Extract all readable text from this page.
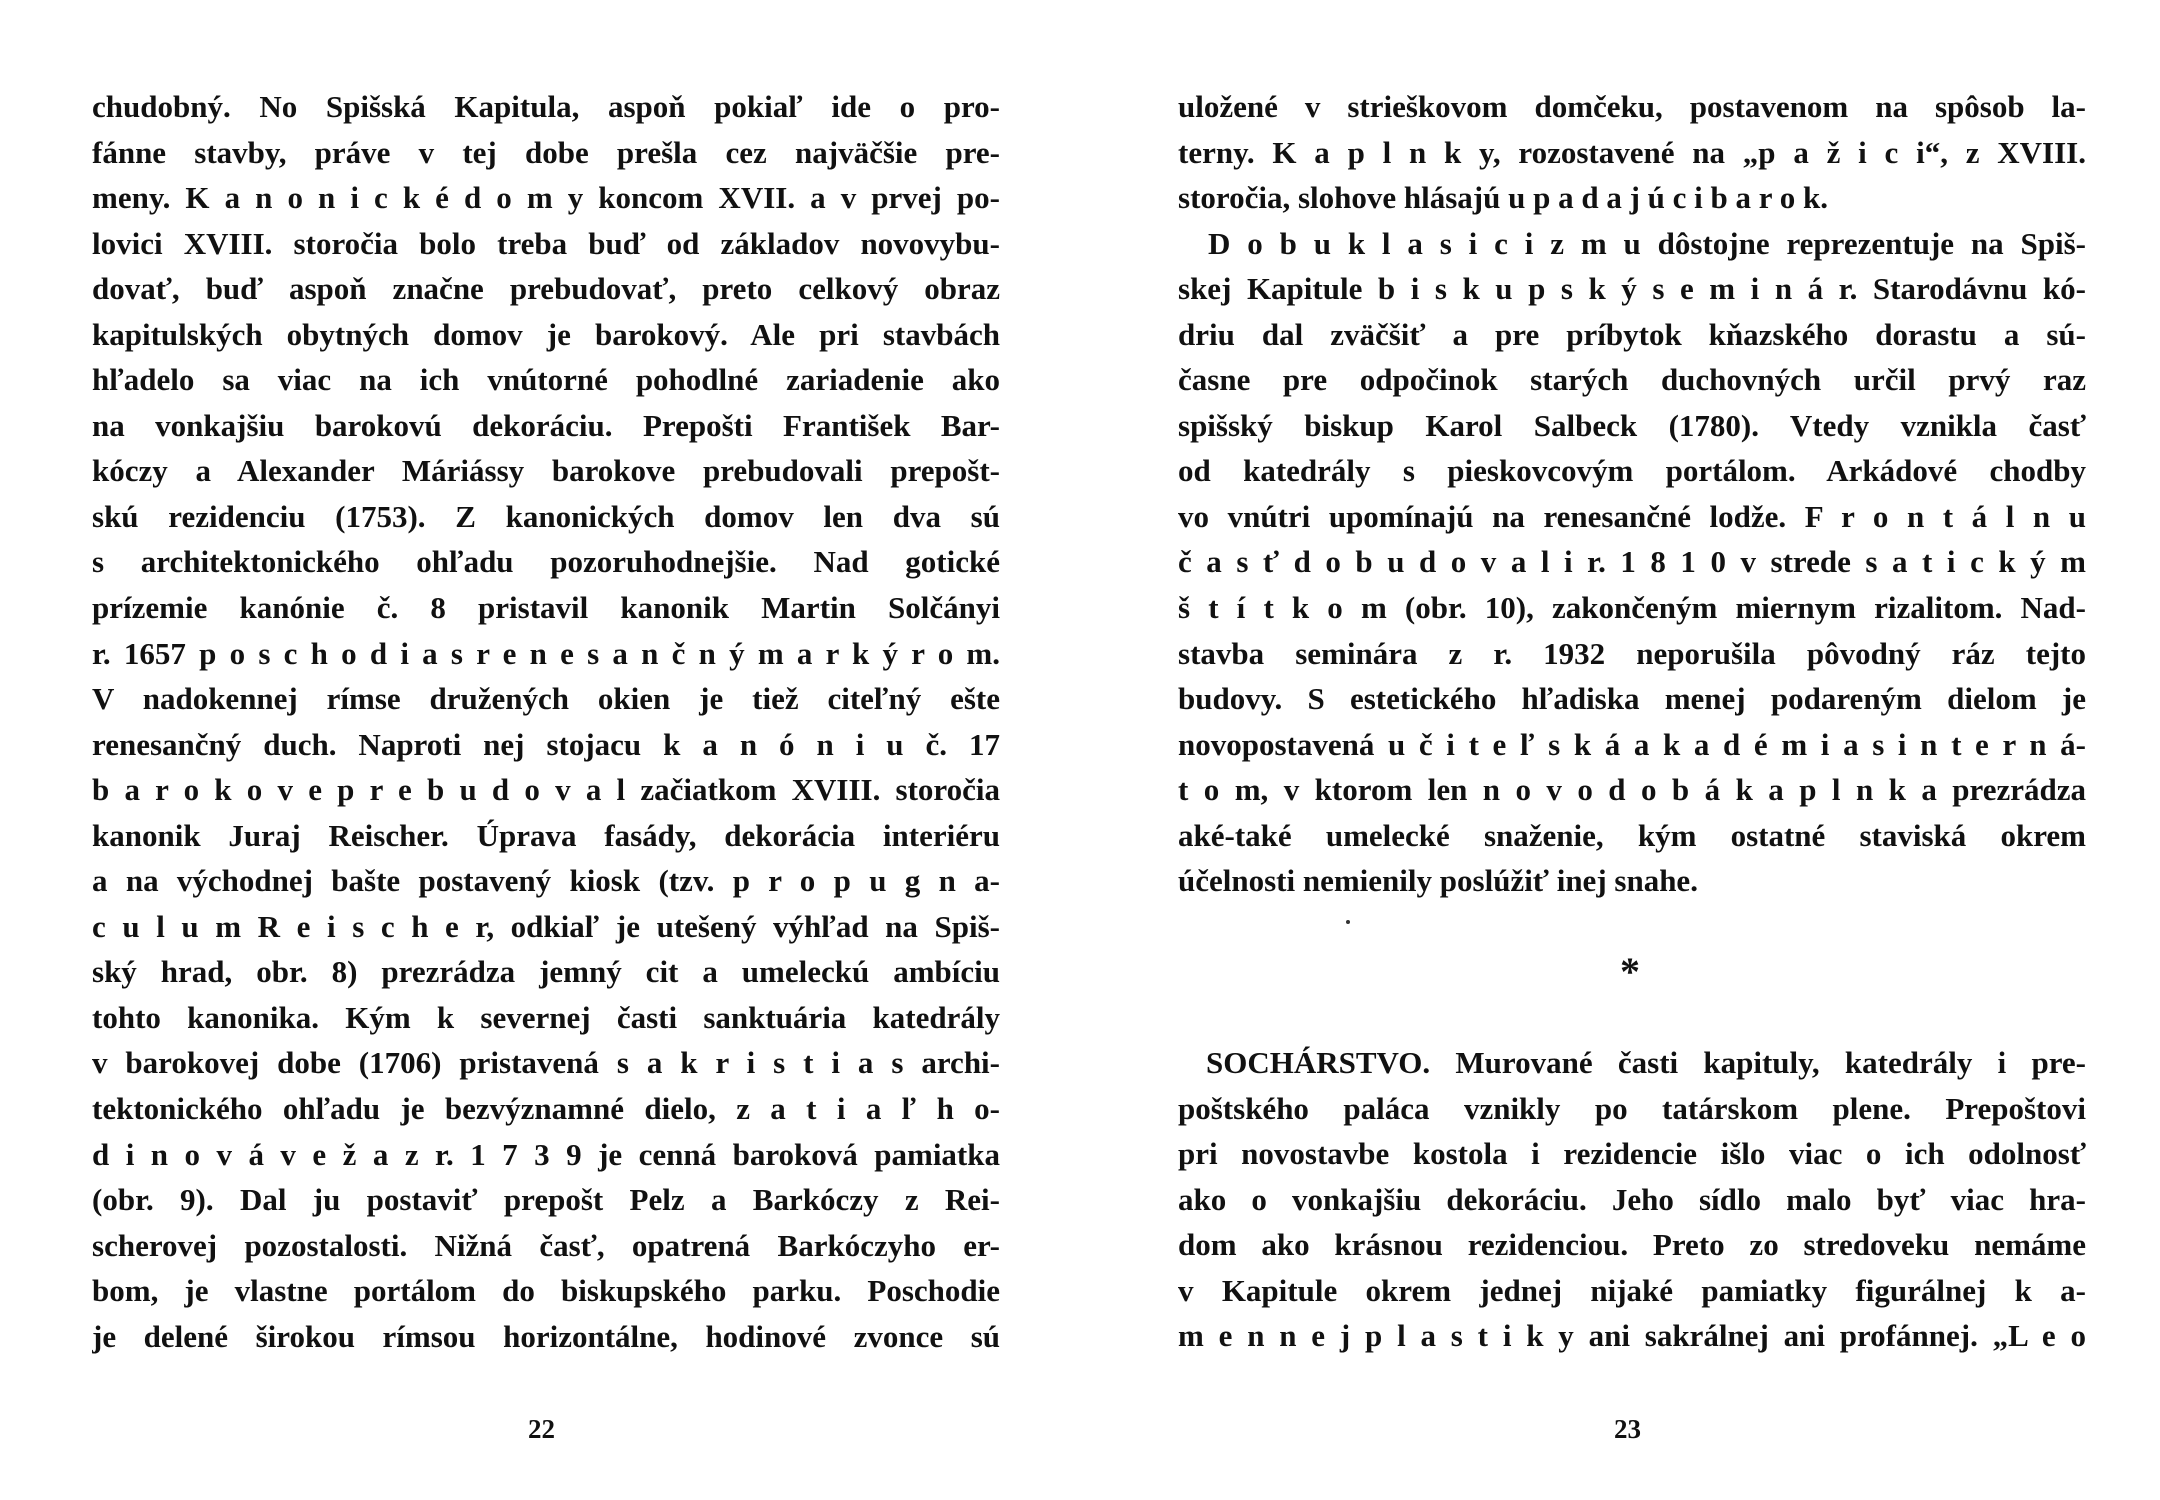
chudobný. No Spišská Kapitula, aspoň pokiaľ ide o pro-
fánne stavby, práve v tej dobe prešla cez najväčšie pre-
meny. K a n o n i c k é d o m y koncom XVII. a v prvej po-
lovici XVIII. storočia bolo treba buď od základov novovybu-
dovať, buď aspoň značne prebudovať, preto celkový obraz
kapitulských obytných domov je barokový. Ale pri stavbách
hľadelo sa viac na ich vnútorné pohodlné zariadenie ako
na vonkajšiu barokovú dekoráciu. Prepošti František Bar-
kóczy a Alexander Máriássy barokove prebudovali prepošt-
skú rezidenciu (1753). Z kanonických domov len dva sú
s architektonického ohľadu pozoruhodnejšie. Nad gotické
prízemie kanónie č. 8 pristavil kanonik Martin Solčányi
r. 1657 p o s c h o d i a s r e n e s a n č n ý m a r k ý r o m.
V nadokennej rímse družených okien je tiež citeľný ešte
renesančný duch. Naproti nej stojacu k a n ó n i u č. 17
b a r o k o v e p r e b u d o v a l začiatkom XVIII. storočia
kanonik Juraj Reischer. Úprava fasády, dekorácia interiéru
a na východnej bašte postavený kiosk (tzv. p r o p u g n a-
c u l u m R e i s c h e r, odkiaľ je utešený výhľad na Spiš-
ský hrad, obr. 8) prezrádza jemný cit a umeleckú ambíciu
tohto kanonika. Kým k severnej časti sanktuária katedrály
v barokovej dobe (1706) pristavená s a k r i s t i a s archi-
tektonického ohľadu je bezvýznamné dielo, z a t i a ľ h o-
d i n o v á v e ž a z r. 1 7 3 9 je cenná baroková pamiatka
(obr. 9). Dal ju postaviť prepošt Pelz a Barkóczy z Rei-
scherovej pozostalosti. Nižná časť, opatrená Barkóczyho er-
bom, je vlastne portálom do biskupského parku. Poschodie
je delené širokou rímsou horizontálne, hodinové zvonce sú
22
uložené v strieškovom domčeku, postavenom na spôsob la-
terny. K a p l n k y, rozostavené na „p a ž i c i“, z XVIII.
storočia, slohove hlásajú u p a d a j ú c i b a r o k.
D o b u k l a s i c i z m u dôstojne reprezentuje na Spiš-
skej Kapitule b i s k u p s k ý s e m i n á r. Starodávnu kó-
driu dal zväčšiť a pre príbytok kňazského dorastu a sú-
časne pre odpočinok starých duchovných určil prvý raz
spišský biskup Karol Salbeck (1780). Vtedy vznikla časť
od katedrály s pieskovcovým portálom. Arkádové chodby
vo vnútri upomínajú na renesančné lodže. F r o n t á l n u
č a s ť d o b u d o v a l i r. 1 8 1 0 v strede s a t i c k ý m
š t í t k o m (obr. 10), zakončeným miernym rizalitom. Nad-
stavba seminára z r. 1932 neporušila pôvodný ráz tejto
budovy. S estetického hľadiska menej podareným dielom je
novopostavená u č i t e ľ s k á a k a d é m i a s i n t e r n á-
t o m, v ktorom len n o v o d o b á k a p l n k a prezrádza
aké-také umelecké snaženie, kým ostatné staviská okrem
účelnosti nemienily poslúžiť inej snahe.
*
SOCHÁRSTVO. Murované časti kapituly, katedrály i pre-
poštského paláca vznikly po tatárskom plene. Prepoštovi
pri novostavbe kostola i rezidencie išlo viac o ich odolnosť
ako o vonkajšiu dekoráciu. Jeho sídlo malo byť viac hra-
dom ako krásnou rezidenciou. Preto zo stredoveku nemáme
v Kapitule okrem jednej nijaké pamiatky figurálnej k a-
m e n n e j p l a s t i k y ani sakrálnej ani profánnej. „L e o
23
